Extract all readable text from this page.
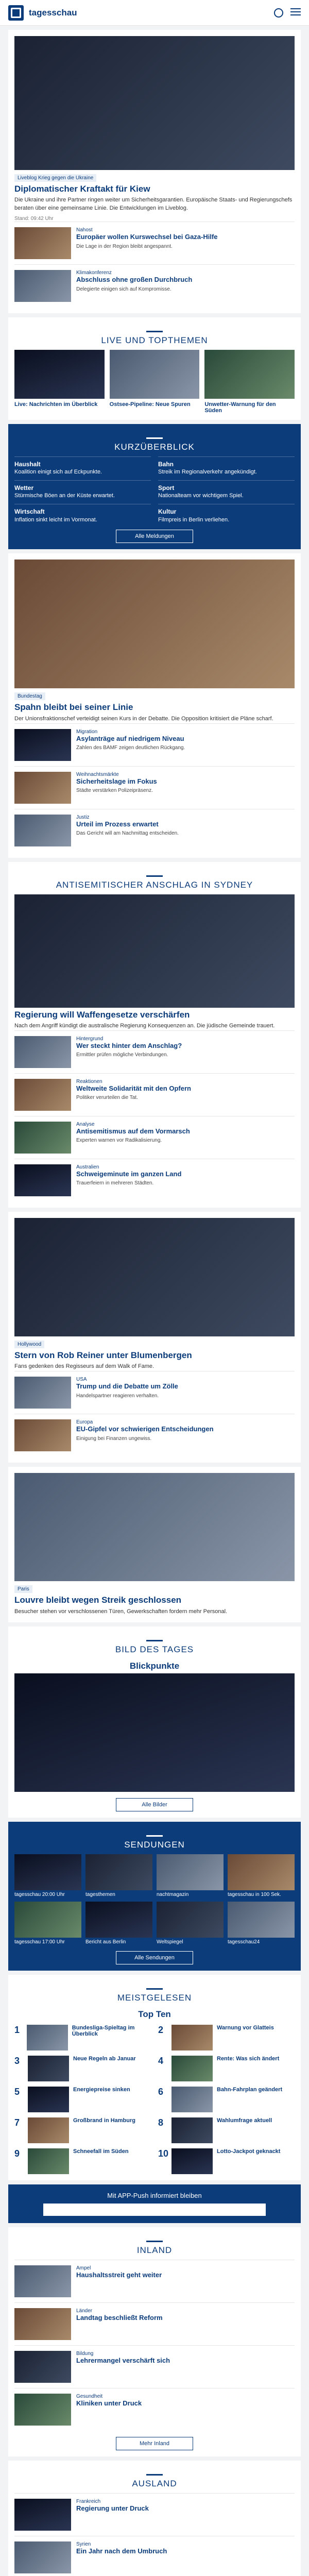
tagesschau
Liveblog Krieg gegen die Ukraine
Diplomatischer Kraftakt für Kiew
Die Ukraine und ihre Partner ringen weiter um Sicherheitsgarantien. Europäische Staats- und Regierungschefs beraten über eine gemeinsame Linie. Die Entwicklungen im Liveblog.
Stand: 09:42 Uhr
Nahost
Europäer wollen Kurswechsel bei Gaza-Hilfe
Die Lage in der Region bleibt angespannt.
Klimakonferenz
Abschluss ohne großen Durchbruch
Delegierte einigen sich auf Kompromisse.
LIVE UND TOPTHEMEN
Live: Nachrichten im Überblick	Ostsee-Pipeline: Neue Spuren	Unwetter-Warnung für den Süden
KURZÜBERBLICK
Haushalt
Koalition einigt sich auf Eckpunkte.
Bahn
Streik im Regionalverkehr angekündigt.
Wetter
Stürmische Böen an der Küste erwartet.
Sport
Nationalteam vor wichtigem Spiel.
Wirtschaft
Inflation sinkt leicht im Vormonat.
Kultur
Filmpreis in Berlin verliehen.
Alle Meldungen
Bundestag
Spahn bleibt bei seiner Linie
Der Unionsfraktionschef verteidigt seinen Kurs in der Debatte. Die Opposition kritisiert die Pläne scharf.
Migration
Asylanträge auf niedrigem Niveau
Zahlen des BAMF zeigen deutlichen Rückgang.
Weihnachtsmärkte
Sicherheitslage im Fokus
Städte verstärken Polizeipräsenz.
Justiz
Urteil im Prozess erwartet
Das Gericht will am Nachmittag entscheiden.
ANTISEMITISCHER ANSCHLAG IN SYDNEY
Regierung will Waffengesetze verschärfen
Nach dem Angriff kündigt die australische Regierung Konsequenzen an. Die jüdische Gemeinde trauert.
Hintergrund
Wer steckt hinter dem Anschlag?
Ermittler prüfen mögliche Verbindungen.
Reaktionen
Weltweite Solidarität mit den Opfern
Politiker verurteilen die Tat.
Analyse
Antisemitismus auf dem Vormarsch
Experten warnen vor Radikalisierung.
Australien
Schweigeminute im ganzen Land
Trauerfeiern in mehreren Städten.
Hollywood
Stern von Rob Reiner unter Blumenbergen
Fans gedenken des Regisseurs auf dem Walk of Fame.
USA
Trump und die Debatte um Zölle
Handelspartner reagieren verhalten.
Europa
EU-Gipfel vor schwierigen Entscheidungen
Einigung bei Finanzen ungewiss.
Paris
Louvre bleibt wegen Streik geschlossen
Besucher stehen vor verschlossenen Türen, Gewerkschaften fordern mehr Personal.
BILD DES TAGES
Blickpunkte
Alle Bilder
SENDUNGEN
tagesschau 20:00 Uhr	tagesthemen	nachtmagazin	tagesschau in 100 Sek.
tagesschau 17:00 Uhr	Bericht aus Berlin	Weltspiegel	tagesschau24
Alle Sendungen
MEISTGELESEN
Top Ten
1	Bundesliga-Spieltag im Überblick	2	Warnung vor Glatteis
3	Neue Regeln ab Januar 4	Rente: Was sich ändert
5	Energiepreise sinken	6	Bahn-Fahrplan geändert
7	Großbrand in Hamburg 8	Wahlumfrage aktuell
9	Schneefall im Süden	10	Lotto-Jackpot geknackt
Mit APP-Push informiert bleiben
INLAND
Ampel
Haushaltsstreit geht weiter
Länder
Landtag beschließt Reform
Bildung
Lehrermangel verschärft sich
Gesundheit
Kliniken unter Druck
Mehr Inland
AUSLAND
Frankreich
Regierung unter Druck
Syrien
Ein Jahr nach dem Umbruch
